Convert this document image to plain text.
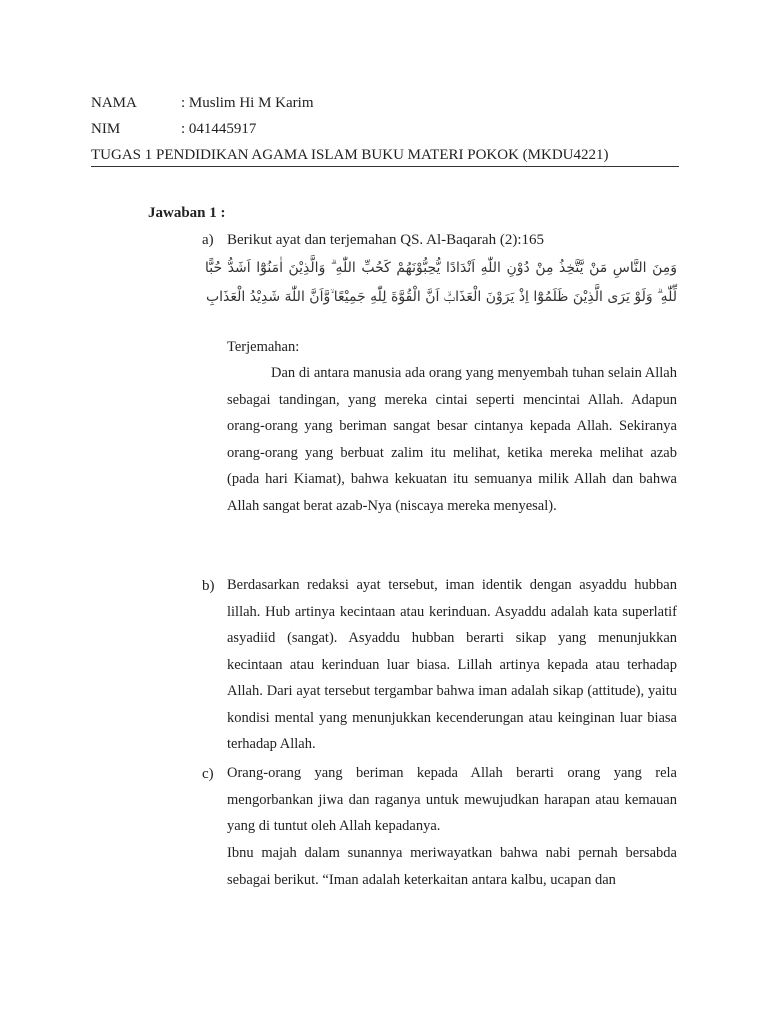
NAMA	: Muslim Hi M Karim
NIM	: 041445917
TUGAS 1 PENDIDIKAN AGAMA ISLAM BUKU MATERI POKOK (MKDU4221)
Jawaban 1 :
a) Berikut ayat dan terjemahan QS. Al-Baqarah (2):165
وَمِنَ النَّاسِ مَنْ يَّتَّخِذُ مِنْ دُوْنِ اللّٰهِ اَنْدَادًا يُّحِبُّوْنَهُمْ كَحُبِّ اللّٰهِ ۗ وَالَّذِيْنَ اٰمَنُوْٓا اَشَدُّ حُبًّا لِّلّٰهِ ۗ وَلَوْ يَرَى الَّذِيْنَ ظَلَمُوْٓا اِذْ يَرَوْنَ الْعَذَابَۙ اَنَّ الْقُوَّةَ لِلّٰهِ جَمِيْعًا ۙوَّاَنَّ اللّٰهَ شَدِيْدُ الْعَذَابِ
Terjemahan:
Dan di antara manusia ada orang yang menyembah tuhan selain Allah sebagai tandingan, yang mereka cintai seperti mencintai Allah. Adapun orang-orang yang beriman sangat besar cintanya kepada Allah. Sekiranya orang-orang yang berbuat zalim itu melihat, ketika mereka melihat azab (pada hari Kiamat), bahwa kekuatan itu semuanya milik Allah dan bahwa Allah sangat berat azab-Nya (niscaya mereka menyesal).
b) Berdasarkan redaksi ayat tersebut, iman identik dengan asyaddu hubban lillah. Hub artinya kecintaan atau kerinduan. Asyaddu adalah kata superlatif asyadiid (sangat). Asyaddu hubban berarti sikap yang menunjukkan kecintaan atau kerinduan luar biasa. Lillah artinya kepada atau terhadap Allah. Dari ayat tersebut tergambar bahwa iman adalah sikap (attitude), yaitu kondisi mental yang menunjukkan kecenderungan atau keinginan luar biasa terhadap Allah.
c) Orang-orang yang beriman kepada Allah berarti orang yang rela mengorbankan jiwa dan raganya untuk mewujudkan harapan atau kemauan yang di tuntut oleh Allah kepadanya.
Ibnu majah dalam sunannya meriwayatkan bahwa nabi pernah bersabda sebagai berikut. “Iman adalah keterkaitan antara kalbu, ucapan dan
